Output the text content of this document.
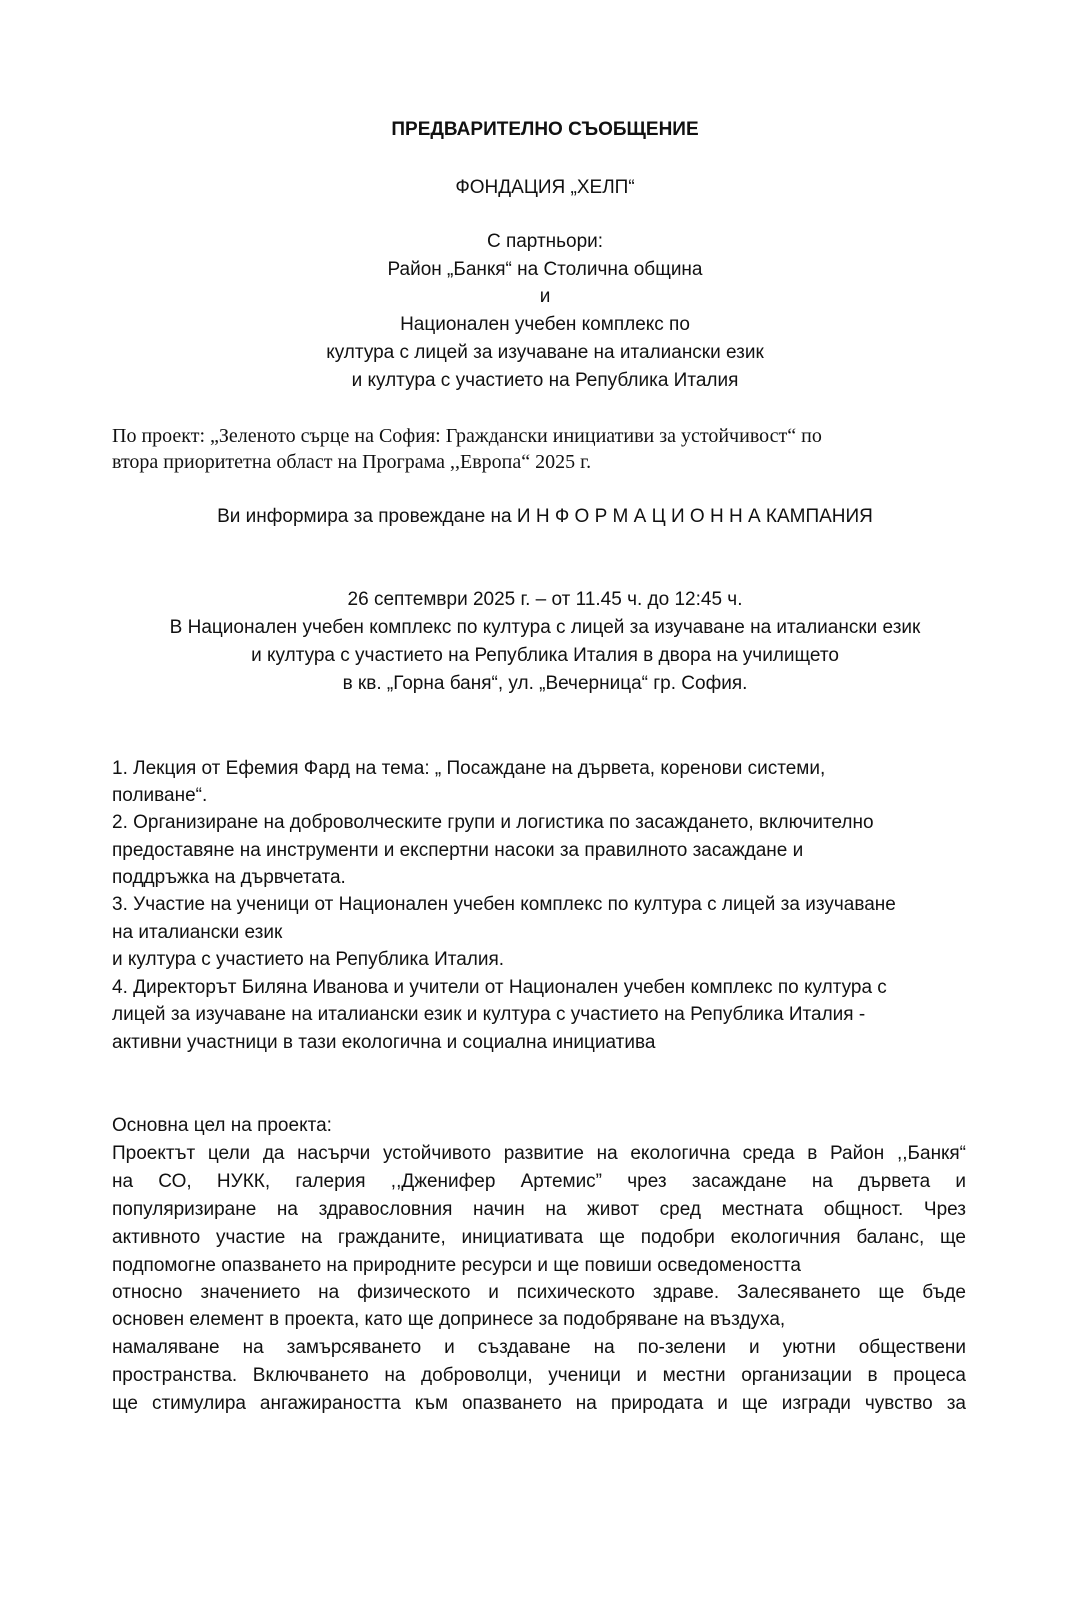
ПРЕДВАРИТЕЛНО СЪОБЩЕНИЕ
ФОНДАЦИЯ „ХЕЛП“
С партньори:
Район „Банкя“ на Столична община
и
Национален учебен комплекс по
култура с лицей за изучаване на италиански език
и култура с участието на Република Италия
По проект: „Зеленото сърце на София: Граждански инициативи за устойчивост“ по
втора приоритетна област на Програма ,,Европа“ 2025 г.
Ви информира за провеждане на И Н Ф О Р М А Ц И О Н Н А КАМПАНИЯ
26 септември 2025 г. – от 11.45 ч. до 12:45 ч.
В Национален учебен комплекс по култура с лицей за изучаване на италиански език
и култура с участието на Република Италия в двора на училището
в кв. „Горна баня“, ул. „Вечерница“ гр. София.
1. Лекция от Ефемия Фард на тема: „ Посаждане на дървета, коренови системи,
поливане“.
2. Организиране на доброволческите групи и логистика по засаждането, включително
предоставяне на инструменти и експертни насоки за правилното засаждане и
поддръжка на дървчетата.
3. Участие на ученици от Национален учебен комплекс по култура с лицей за изучаване
на италиански език
и култура с участието на Република Италия.
4. Директорът Биляна Иванова и учители от Национален учебен комплекс по култура с
лицей за изучаване на италиански език и култура с участието на Република Италия -
активни участници в тази екологична и социална инициатива
Основна цел на проекта:
Проектът цели да насърчи устойчивото развитие на екологична среда в Район ,,Банкя“
на СО, НУКК, галерия ,,Дженифер Артемис” чрез засаждане на дървета и
популяризиране на здравословния начин на живот сред местната общност. Чрез
активното участие на гражданите, инициативата ще подобри екологичния баланс, ще
подпомогне опазването на природните ресурси и ще повиши осведомеността
относно значението на физическото и психическото здраве. Залесяването ще бъде
основен елемент в проекта, като ще допринесе за подобряване на въздуха,
намаляване на замърсяването и създаване на по-зелени и уютни обществени
пространства. Включването на доброволци, ученици и местни организации в процеса
ще стимулира ангажираността към опазването на природата и ще изгради чувство за
